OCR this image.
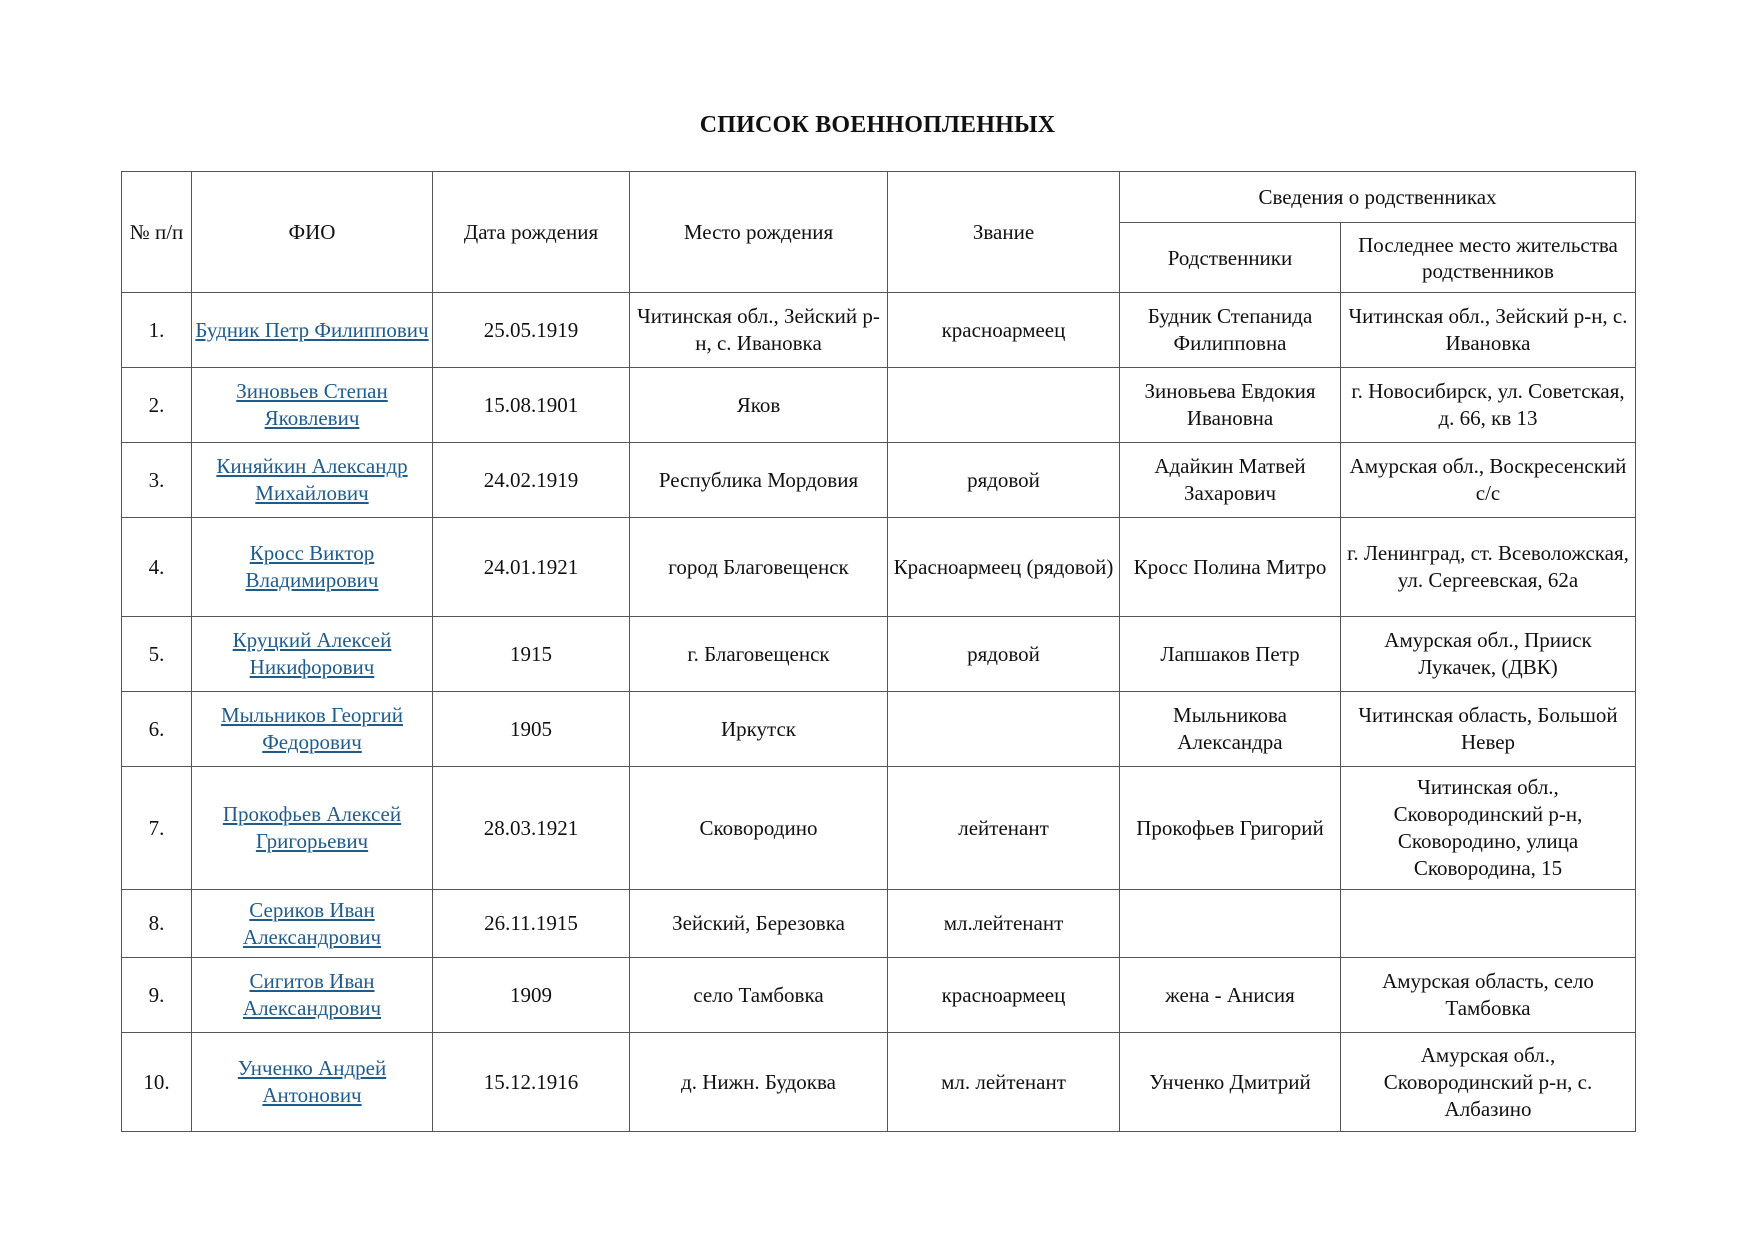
СПИСОК ВОЕННОПЛЕННЫХ
№ п/п	ФИО	Дата рождения	Место рождения	Звание	Сведения о родственниках	
					Родственники	Последнее место жительства родственников
1.	Будник Петр Филиппович	25.05.1919	Читинская обл., Зейский р-н, с. Ивановка	красноармеец	Будник Степанида Филипповна	Читинская обл., Зейский р-н, с. Ивановка
2.	Зиновьев Степан Яковлевич	15.08.1901	Яков		Зиновьева Евдокия Ивановна	г. Новосибирск, ул. Советская, д. 66, кв 13
3.	Киняйкин Александр Михайлович	24.02.1919	Республика Мордовия	рядовой	Адайкин Матвей Захарович	Амурская обл., Воскресенский с/с
4.	Кросс Виктор Владимирович	24.01.1921	город Благовещенск	Красноармеец (рядовой)	Кросс Полина Митро	г. Ленинград, ст. Всеволожская, ул. Сергеевская, 62а
5.	Круцкий Алексей Никифорович	1915	г. Благовещенск	рядовой	Лапшаков Петр	Амурская обл., Прииск Лукачек, (ДВК)
6.	Мыльников Георгий Федорович	1905	Иркутск		Мыльникова Александра	Читинская область, Большой Невер
7.	Прокофьев Алексей Григорьевич	28.03.1921	Сковородино	лейтенант	Прокофьев Григорий	Читинская обл., Сковородинский р-н, Сковородино, улица Сковородина, 15
8.	Сериков Иван Александрович	26.11.1915	Зейский, Березовка	мл.лейтенант		
9.	Сигитов Иван Александрович	1909	село Тамбовка	красноармеец	жена - Анисия	Амурская область, село Тамбовка
10.	Унченко Андрей Антонович	15.12.1916	д. Нижн. Будоква	мл. лейтенант	Унченко Дмитрий	Амурская обл., Сковородинский р-н, с. Албазино
